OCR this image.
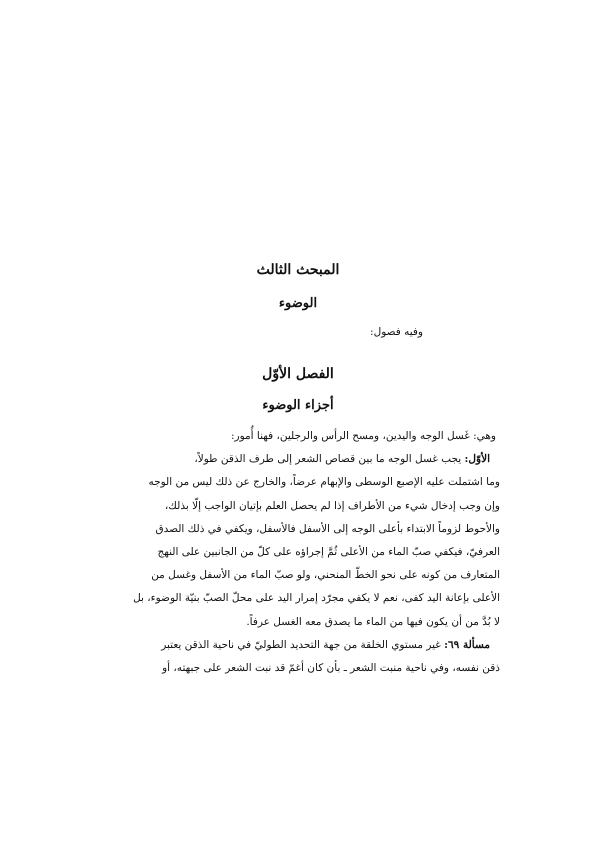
المبحث الثالث
الوضوء

وفيه فصول:

الفصل الأوّل
أجزاء الوضوء
وهي: غَسل الوجه واليدين، ومسح الرأس والرجلين، فهنا أُمور:
الأوّل: يجب غسل الوجه ما بين قصاص الشعر إلى طرف الذقن طولاً،
وما اشتملت عليه الإصبع الوسطى والإبهام عرضاً، والخارج عن ذلك ليس من الوجه
وإن وجب إدخال شيء من الأطراف إذا لم يحصل العلم بإتيان الواجب إلّا بذلك،
والأحوط لزوماً الابتداء بأعلى الوجه إلى الأسفل فالأسفل، ويكفي في ذلك الصدق
العرفيّ، فيكفي صبّ الماء من الأعلى ثُمَّ إجراؤه على كلّ من الجانبين على النهج
المتعارف من كونه على نحو الخطّ المنحني، ولو صبّ الماء من الأسفل وغسل من
الأعلى بإعانة اليد كفى، نعم لا يكفي مجرّد إمرار اليد على محلّ الصبّ بنيّة الوضوء، بل
لا بُدَّ من أن يكون فيها من الماء ما يصدق معه الغسل عرفاً.
مسألة ٦٩: غير مستوي الخلقة من جهة التحديد الطوليّ في ناحية الذقن يعتبر
ذقن نفسه، وفي ناحية منبت الشعر ـ بأن كان أغمّ قد نبت الشعر على جبهته، أو
